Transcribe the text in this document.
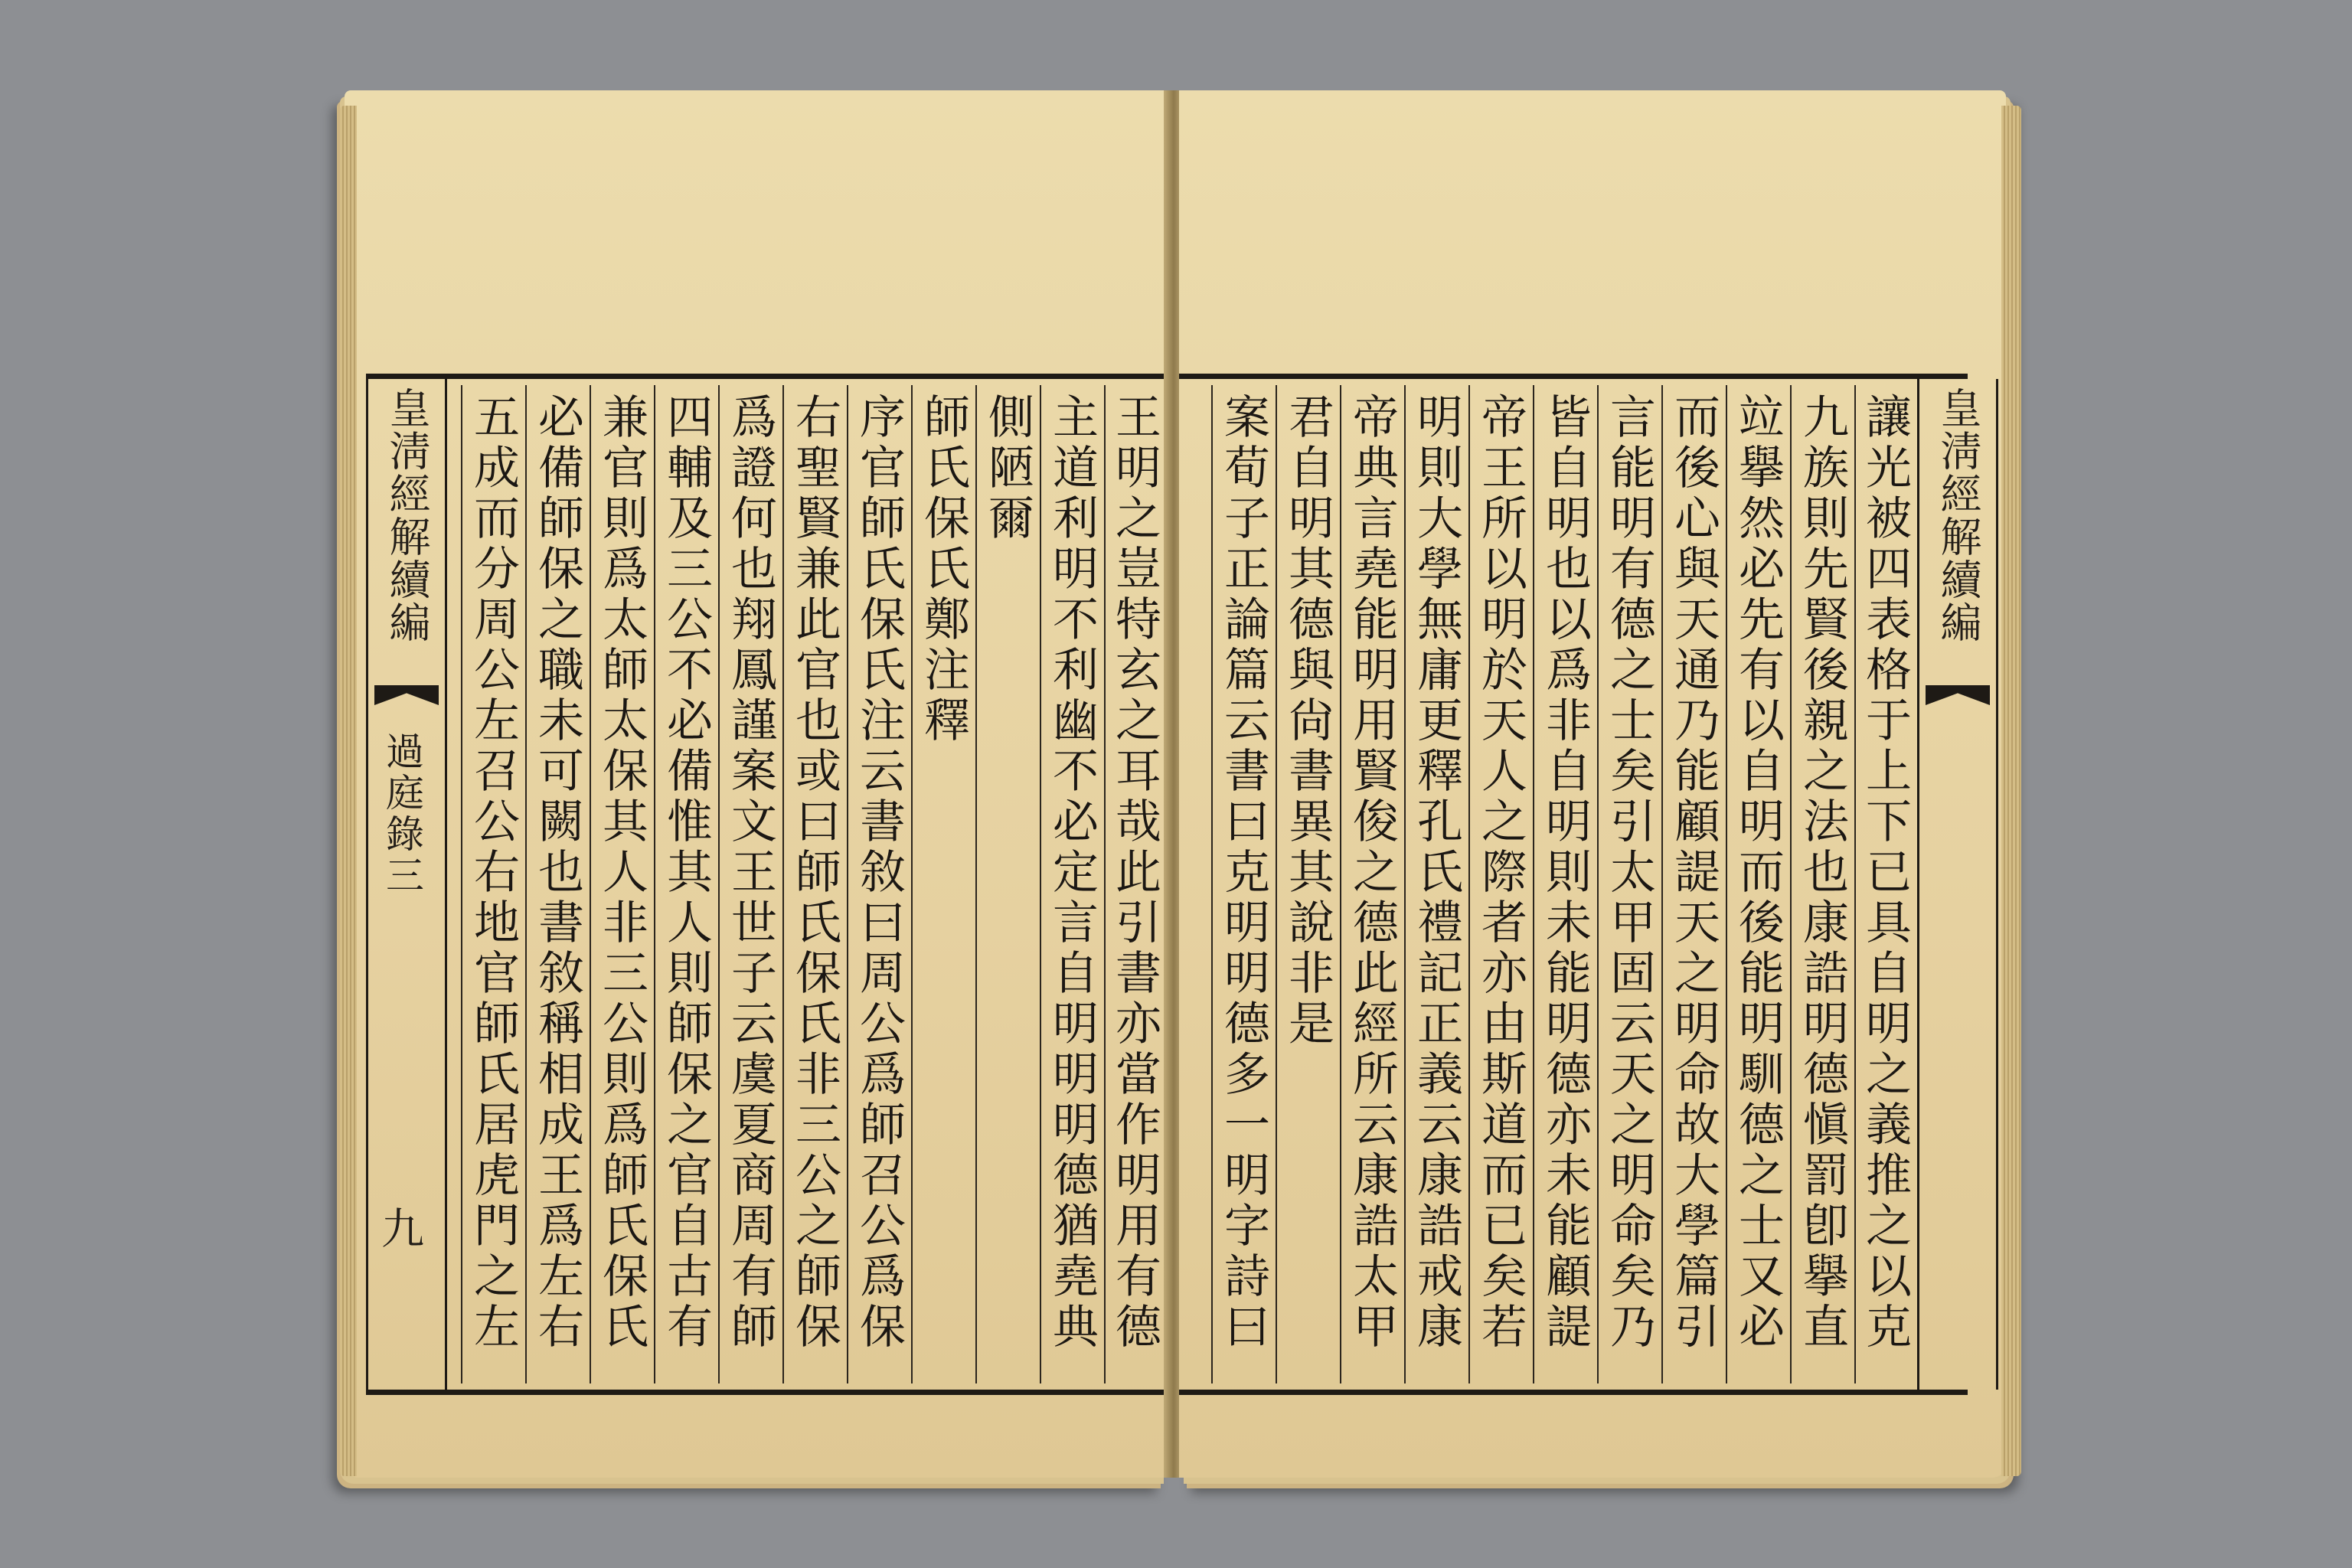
王明之豈特玄之耳哉此引書亦當作明用有德
主道利明不利幽不必定言自明明明德猶堯典
側陋爾
師氏保氏鄭注釋
序官師氏保氏注云書敘曰周公爲師召公爲保
右聖賢兼此官也或曰師氏保氏非三公之師保
爲證何也翔鳳謹案文王世子云虞夏商周有師
四輔及三公不必備惟其人則師保之官自古有
兼官則爲太師太保其人非三公則爲師氏保氏
必備師保之職未可闕也書敘稱相成王爲左右
五成而分周公左召公右地官師氏居虎門之左
皇淸經解續編
過庭錄三
九
讓光被四表格于上下已具自明之義推之以克
九族則先賢後親之法也康誥明德愼罰卽擧直
竝擧然必先有以自明而後能明馴德之士又必
而後心與天通乃能顧諟天之明命故大學篇引
言能明有德之士矣引太甲固云天之明命矣乃
皆自明也以爲非自明則未能明德亦未能顧諟
帝王所以明於天人之際者亦由斯道而已矣若
明則大學無庸更釋孔氏禮記正義云康誥戒康
帝典言堯能明用賢俊之德此經所云康誥太甲
君自明其德與尙書異其說非是
案荀子正論篇云書曰克明明德多一明字詩曰
皇淸經解續編
